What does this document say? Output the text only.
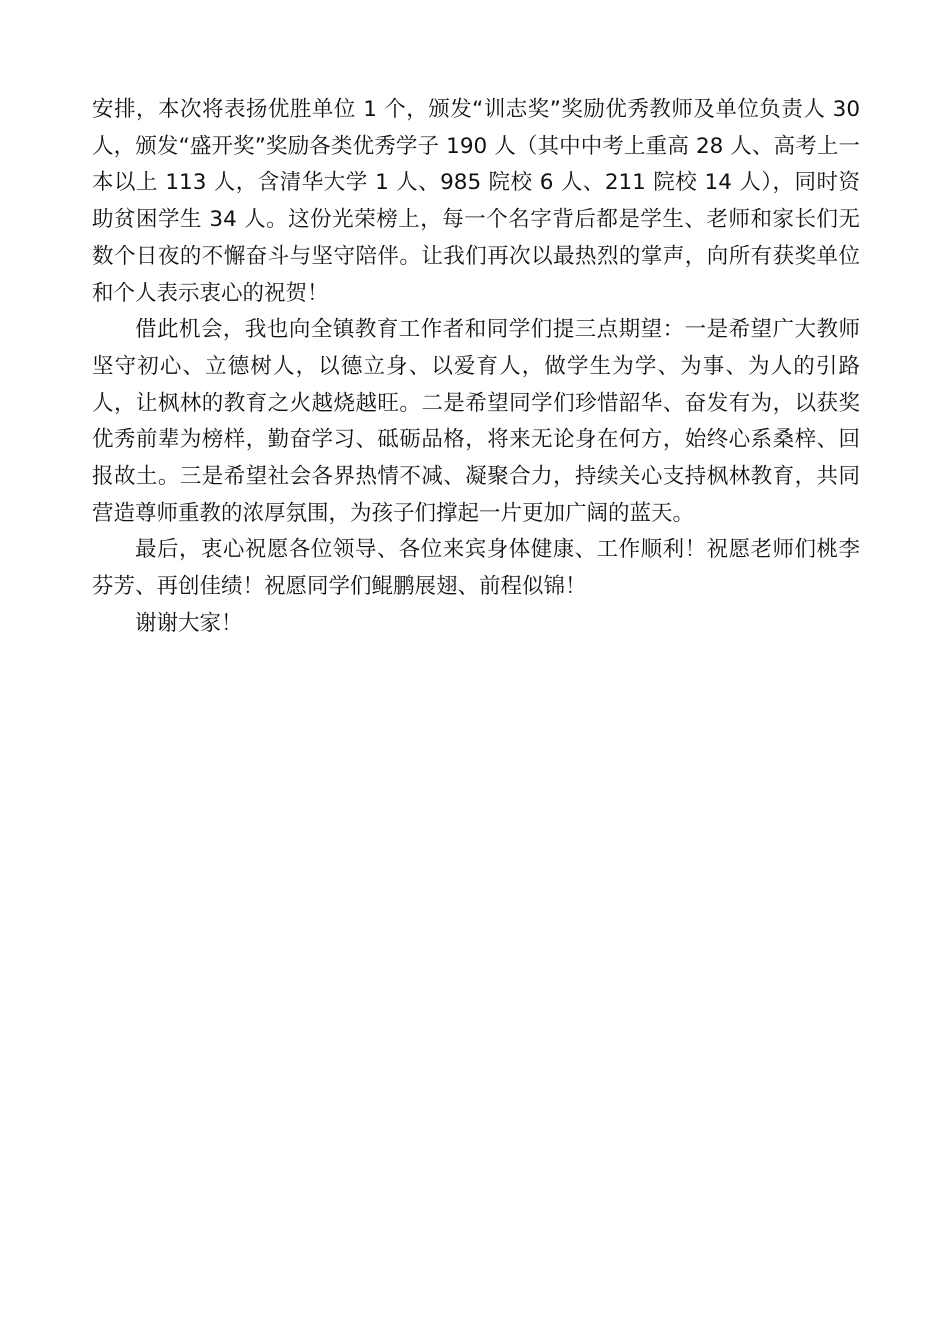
安排，本次将表扬优胜单位 1 个，颁发“训志奖”奖励优秀教师及单位负责人 30 人，颁发“盛开奖”奖励各类优秀学子 190 人（其中中考上重高 28 人、高考上一本以上 113 人，含清华大学 1 人、985 院校 6 人、211 院校 14 人），同时资助贫困学生 34 人。这份光荣榜上，每一个名字背后都是学生、老师和家长们无数个日夜的不懈奋斗与坚守陪伴。让我们再次以最热烈的掌声，向所有获奖单位和个人表示衷心的祝贺！

借此机会，我也向全镇教育工作者和同学们提三点期望：一是希望广大教师坚守初心、立德树人，以德立身、以爱育人，做学生为学、为事、为人的引路人，让枫林的教育之火越烧越旺。二是希望同学们珍惜韶华、奋发有为，以获奖优秀前辈为榜样，勤奋学习、砥砺品格，将来无论身在何方，始终心系桑梓、回报故土。三是希望社会各界热情不减、凝聚合力，持续关心支持枫林教育，共同营造尊师重教的浓厚氛围，为孩子们撑起一片更加广阔的蓝天。

最后，衷心祝愿各位领导、各位来宾身体健康、工作顺利！祝愿老师们桃李芬芳、再创佳绩！祝愿同学们鲲鹏展翅、前程似锦！

谢谢大家！
